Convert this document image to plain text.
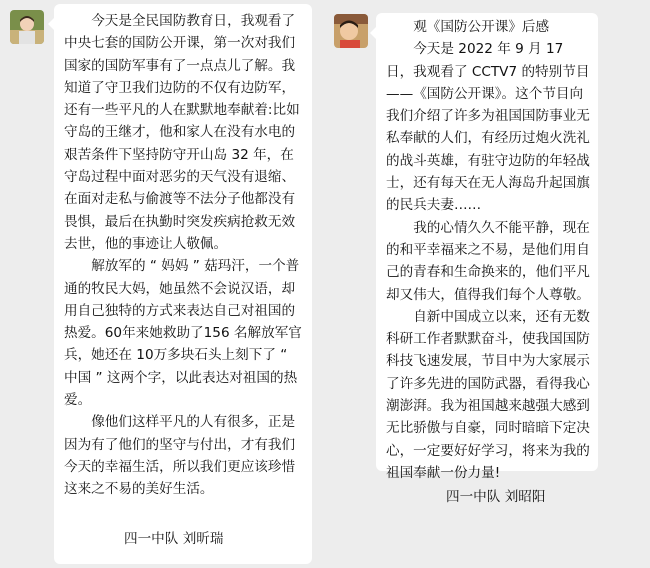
今天是全民国防教育日，我观看了中央七套的国防公开课，第一次对我们国家的国防军事有了一点点儿了解。我知道了守卫我们边防的不仅有边防军，还有一些平凡的人在默默地奉献着:比如守岛的王继才，他和家人在没有水电的艰苦条件下坚持防守开山岛 32 年，在守岛过程中面对恶劣的天气没有退缩、在面对走私与偷渡等不法分子他都没有畏惧，最后在执勤时突发疾病抢救无效去世，他的事迹让人敬佩。

解放军的 “ 妈妈 ” 菇玛汗，一个普通的牧民大妈，她虽然不会说汉语，却用自己独特的方式来表达自己对祖国的热爱。60年来她救助了156 名解放军官兵，她还在 10万多块石头上刻下了 “ 中国 ” 这两个字，以此表达对祖国的热爱。

像他们这样平凡的人有很多，正是因为有了他们的坚守与付出，才有我们今天的幸福生活，所以我们更应该珍惜这来之不易的美好生活。

四一中队 刘昕瑞

观《国防公开课》后感

今天是 2022 年 9 月 17 日，我观看了 CCTV7 的特别节目——《国防公开课》。这个节目向我们介绍了许多为祖国国防事业无私奉献的人们，有经历过炮火洗礼的战斗英雄，有驻守边防的年轻战士，还有每天在无人海岛升起国旗的民兵夫妻……

我的心情久久不能平静，现在的和平幸福来之不易，是他们用自己的青春和生命换来的，他们平凡却又伟大，值得我们每个人尊敬。

自新中国成立以来，还有无数科研工作者默默奋斗，使我国国防科技飞速发展，节目中为大家展示了许多先进的国防武器，看得我心潮澎湃。我为祖国越来越强大感到无比骄傲与自豪，同时暗暗下定决心，一定要好好学习，将来为我的祖国奉献一份力量!

四一中队 刘昭阳
